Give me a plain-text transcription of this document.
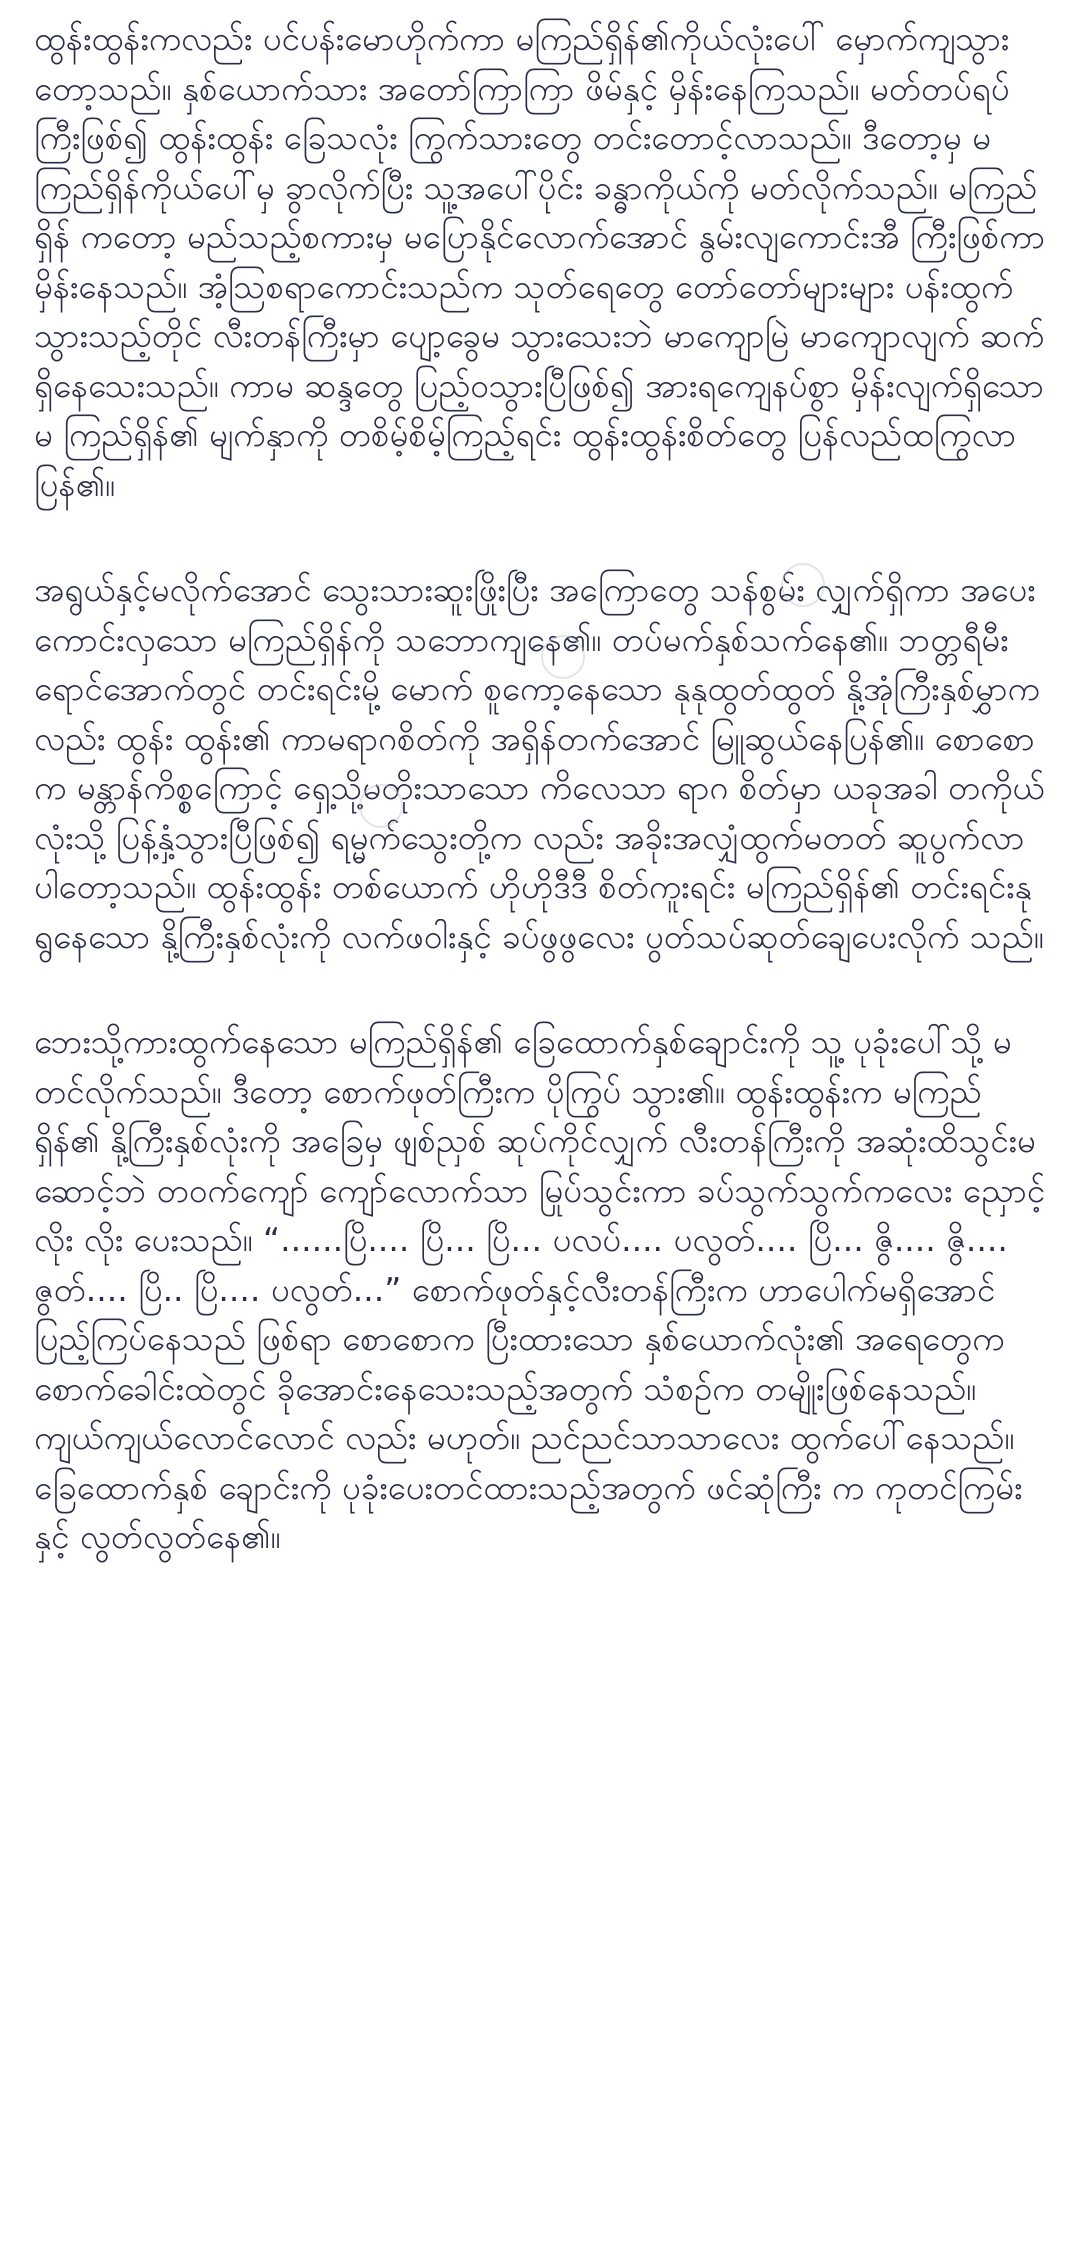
ထွန်းထွန်းကလည်း ပင်ပန်းမောဟိုက်ကာ မကြည်ရှိန်၏ကိုယ်လုံးပေါ် မှောက်ကျသွားတော့သည်။ နှစ်ယောက်သား အတော်ကြာကြာ ဖိမ်နှင့် မှိန်းနေကြသည်။ မတ်တပ်ရပ်ကြီးဖြစ်၍ ထွန်းထွန်း ခြေသလုံး ကြွက်သားတွေ တင်းတောင့်လာသည်။ ဒီတော့မှ မကြည်ရှိန်ကိုယ်ပေါ်မှ ခွာလိုက်ပြီး သူ့အပေါ်ပိုင်း ခန္ဓာကိုယ်ကို မတ်လိုက်သည်။ မကြည်ရှိန် ကတော့ မည်သည့်စကားမှ မပြောနိုင်လောက်အောင် နွမ်းလျကောင်းအီ ကြီးဖြစ်ကာ မှိန်းနေသည်။ အံ့ဩစရာကောင်းသည်က သုတ်ရေတွေ တော်တော်များများ ပန်းထွက်သွားသည့်တိုင် လီးတန်ကြီးမှာ ပျော့ခွေမ သွားသေးဘဲ မာကျောမြဲ မာကျောလျက် ဆက်ရှိနေသေးသည်။ ကာမ ဆန္ဒတွေ ပြည့်ဝသွားပြီဖြစ်၍ အားရကျေနပ်စွာ မှိန်းလျက်ရှိသော မ ကြည်ရှိန်၏ မျက်နှာကို တစိမ့်စိမ့်ကြည့်ရင်း ထွန်းထွန်းစိတ်တွေ ပြန်လည်ထကြွလာပြန်၏။

အရွယ်နှင့်မလိုက်အောင် သွေးသားဆူးဖြိုးပြီး အကြောတွေ သန်စွမ်း လျှက်ရှိကာ အပေးကောင်းလှသော မကြည်ရှိန်ကို သဘောကျနေ၏။ တပ်မက်နှစ်သက်နေ၏။ ဘတ္တရီမီးရောင်အောက်တွင် တင်းရင်းမို့ မောက် စူကော့နေသော နုနုထွတ်ထွတ် နို့အုံကြီးနှစ်မွှာကလည်း ထွန်း ထွန်း၏ ကာမရာဂစိတ်ကို အရှိန်တက်အောင် မြူဆွယ်နေပြန်၏။ စောစောက မန္တာန်ကိစ္စကြောင့် ရှေ့သို့မတိုးသာသော ကိလေသာ ရာဂ စိတ်မှာ ယခုအခါ တကိုယ်လုံးသို့ ပြန့်နှံ့သွားပြီဖြစ်၍ ရမ္မက်သွေးတို့က လည်း အခိုးအလျှံထွက်မတတ် ဆူပွက်လာပါတော့သည်။ ထွန်းထွန်း တစ်ယောက် ဟိုဟိုဒီဒီ စိတ်ကူးရင်း မကြည်ရှိန်၏ တင်းရင်းနုရွနေသော နို့ကြီးနှစ်လုံးကို လက်ဖဝါးနှင့် ခပ်ဖွဖွလေး ပွတ်သပ်ဆုတ်ချေပေးလိုက် သည်။

ဘေးသို့ကားထွက်နေသော မကြည်ရှိန်၏ ခြေထောက်နှစ်ချောင်းကို သူ့ ပုခုံးပေါ်သို့ မတင်လိုက်သည်။ ဒီတော့ စောက်ဖုတ်ကြီးက ပိုကြွပ် သွား၏။ ထွန်းထွန်းက မကြည်ရှိန်၏ နို့ကြီးနှစ်လုံးကို အခြေမှ ဖျစ်ညှစ် ဆုပ်ကိုင်လျှက် လီးတန်ကြီးကို အဆုံးထိသွင်းမဆောင့်ဘဲ တဝက်ကျော် ကျော်လောက်သာ မြုပ်သွင်းကာ ခပ်သွက်သွက်ကလေး ညှောင့်လိုး လိုး ပေးသည်။ “......ပြိ.... ပြိ... ပြိ... ပလပ်.... ပလွတ်.... ပြိ... ဇွိ.... ဇွိ.... ဇွတ်.... ပြိ.. ပြိ.... ပလွတ်...” စောက်ဖုတ်နှင့်လီးတန်ကြီးက ဟာပေါက်မရှိအောင် ပြည့်ကြပ်နေသည် ဖြစ်ရာ စောစောက ပြီးထားသော နှစ်ယောက်လုံး၏ အရေတွေက စောက်ခေါင်းထဲတွင် ခိုအောင်းနေသေးသည့်အတွက် သံစဉ်က တမျိုးဖြစ်နေသည်။ ကျယ်ကျယ်လောင်လောင် လည်း မဟုတ်။ ညင်ညင်သာသာလေး ထွက်ပေါ်နေသည်။ ခြေထောက်နှစ် ချောင်းကို ပုခုံးပေးတင်ထားသည့်အတွက် ဖင်ဆုံကြီး က ကုတင်ကြမ်း နှင့် လွတ်လွတ်နေ၏။
